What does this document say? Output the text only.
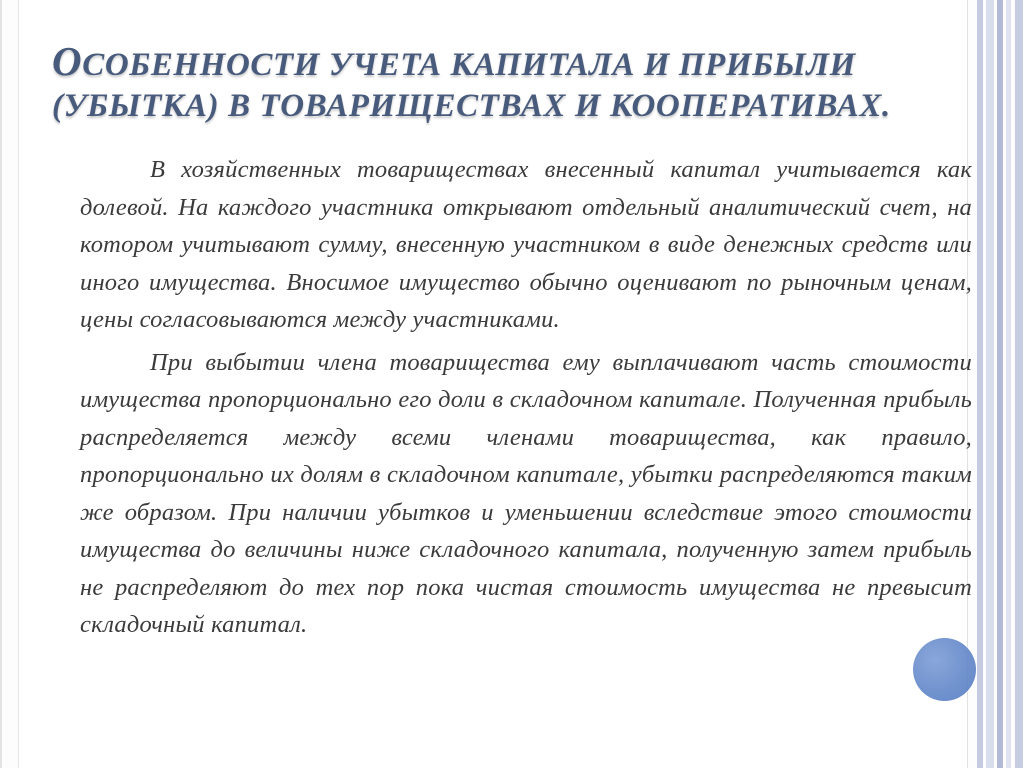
ОСОБЕННОСТИ УЧЕТА КАПИТАЛА И ПРИБЫЛИ
(УБЫТКА) В ТОВАРИЩЕСТВАХ И КООПЕРАТИВАХ.

В хозяйственных товариществах внесенный капитал учитывается как долевой. На каждого участника открывают отдельный аналитический счет, на котором учитывают сумму, внесенную участником в виде денежных средств или иного имущества. Вносимое имущество обычно оценивают по рыночным ценам, цены согласовываются между участниками.

При выбытии члена товарищества ему выплачивают часть стоимости имущества пропорционально его доли в складочном капитале. Полученная прибыль распределяется между всеми членами товарищества, как правило, пропорционально их долям в складочном капитале, убытки распределяются таким же образом. При наличии убытков и уменьшении вследствие этого стоимости имущества до величины ниже складочного капитала, полученную затем прибыль не распределяют до тех пор пока чистая стоимость имущества не превысит складочный капитал.
